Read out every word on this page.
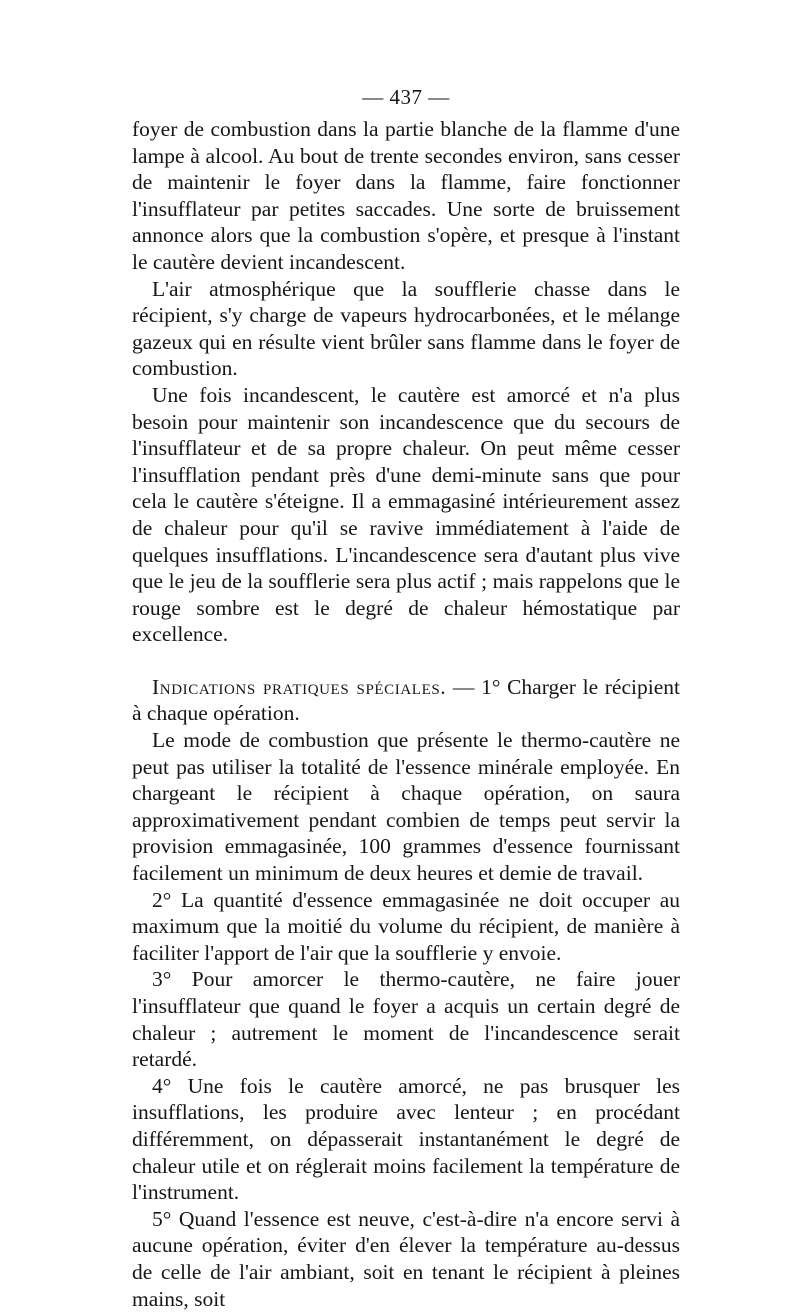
— 437 —

foyer de combustion dans la partie blanche de la flamme d'une lampe à alcool. Au bout de trente secondes environ, sans cesser de maintenir le foyer dans la flamme, faire fonctionner l'insufflateur par petites saccades. Une sorte de bruissement annonce alors que la combustion s'opère, et presque à l'instant le cautère devient incandescent.

L'air atmosphérique que la soufflerie chasse dans le récipient, s'y charge de vapeurs hydrocarbonées, et le mélange gazeux qui en résulte vient brûler sans flamme dans le foyer de combustion.

Une fois incandescent, le cautère est amorcé et n'a plus besoin pour maintenir son incandescence que du secours de l'insufflateur et de sa propre chaleur. On peut même cesser l'insufflation pendant près d'une demi-minute sans que pour cela le cautère s'éteigne. Il a emmagasiné intérieurement assez de chaleur pour qu'il se ravive immédiatement à l'aide de quelques insufflations. L'incandescence sera d'autant plus vive que le jeu de la soufflerie sera plus actif ; mais rappelons que le rouge sombre est le degré de chaleur hémostatique par excellence.

Indications pratiques spéciales. — 1° Charger le récipient à chaque opération.

Le mode de combustion que présente le thermo-cautère ne peut pas utiliser la totalité de l'essence minérale employée. En chargeant le récipient à chaque opération, on saura approximativement pendant combien de temps peut servir la provision emmagasinée, 100 grammes d'essence fournissant facilement un minimum de deux heures et demie de travail.

2° La quantité d'essence emmagasinée ne doit occuper au maximum que la moitié du volume du récipient, de manière à faciliter l'apport de l'air que la soufflerie y envoie.

3° Pour amorcer le thermo-cautère, ne faire jouer l'insufflateur que quand le foyer a acquis un certain degré de chaleur ; autrement le moment de l'incandescence serait retardé.

4° Une fois le cautère amorcé, ne pas brusquer les insufflations, les produire avec lenteur ; en procédant différemment, on dépasserait instantanément le degré de chaleur utile et on réglerait moins facilement la température de l'instrument.

5° Quand l'essence est neuve, c'est-à-dire n'a encore servi à aucune opération, éviter d'en élever la température au-dessus de celle de l'air ambiant, soit en tenant le récipient à pleines mains, soit
